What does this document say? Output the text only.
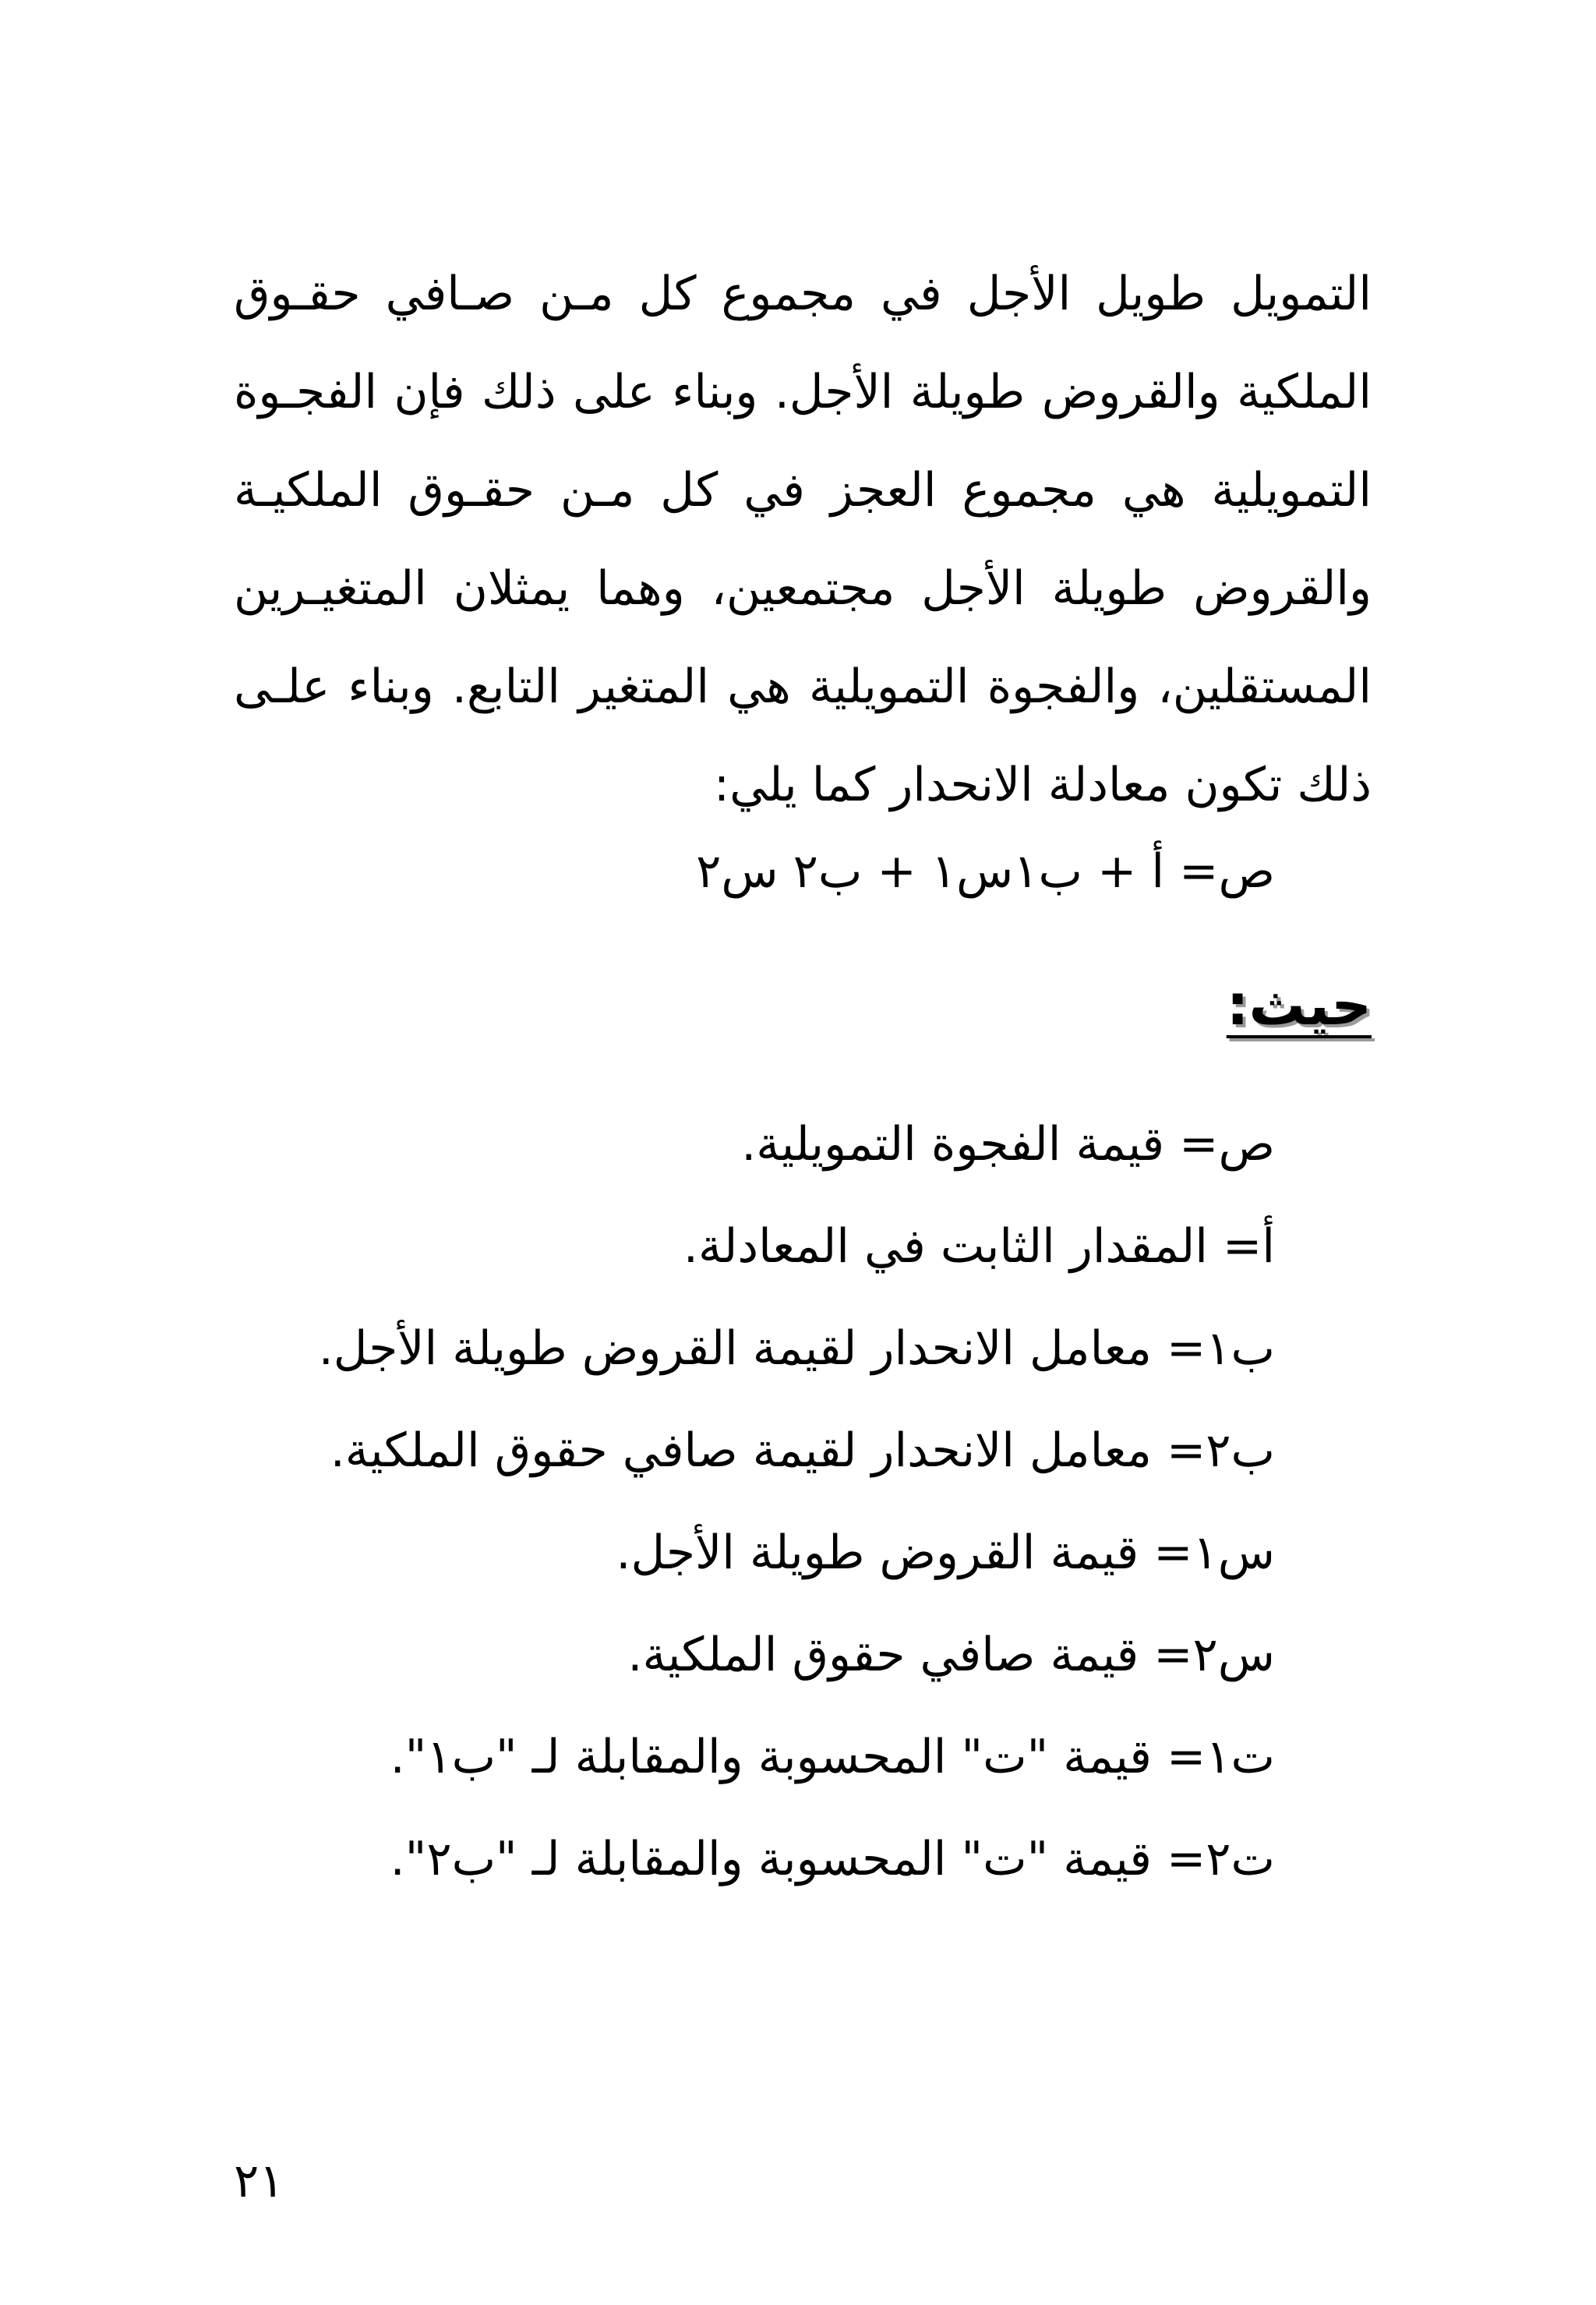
التمويل طويل الأجل في مجموع كل مـن صـافي حقـوق
الملكية والقروض طويلة الأجل. وبناء على ذلك فإن الفجـوة
التمويلية هي مجموع العجز في كل مـن حقـوق الملكيـة
والقروض طويلة الأجل مجتمعين، وهما يمثلان المتغيـرين
المستقلين، والفجوة التمويلية هي المتغير التابع. وبناء علـى
ذلك تكون معادلة الانحدار كما يلي:
ص= أ + ب١س١ + ب٢ س٢
حيث:
ص= قيمة الفجوة التمويلية.
أ= المقدار الثابت في المعادلة.
ب١= معامل الانحدار لقيمة القروض طويلة الأجل.
ب٢= معامل الانحدار لقيمة صافي حقوق الملكية.
س١= قيمة القروض طويلة الأجل.
س٢= قيمة صافي حقوق الملكية.
ت١= قيمة "ت" المحسوبة والمقابلة لـ "ب١".
ت٢= قيمة "ت" المحسوبة والمقابلة لـ "ب٢".
٢١
